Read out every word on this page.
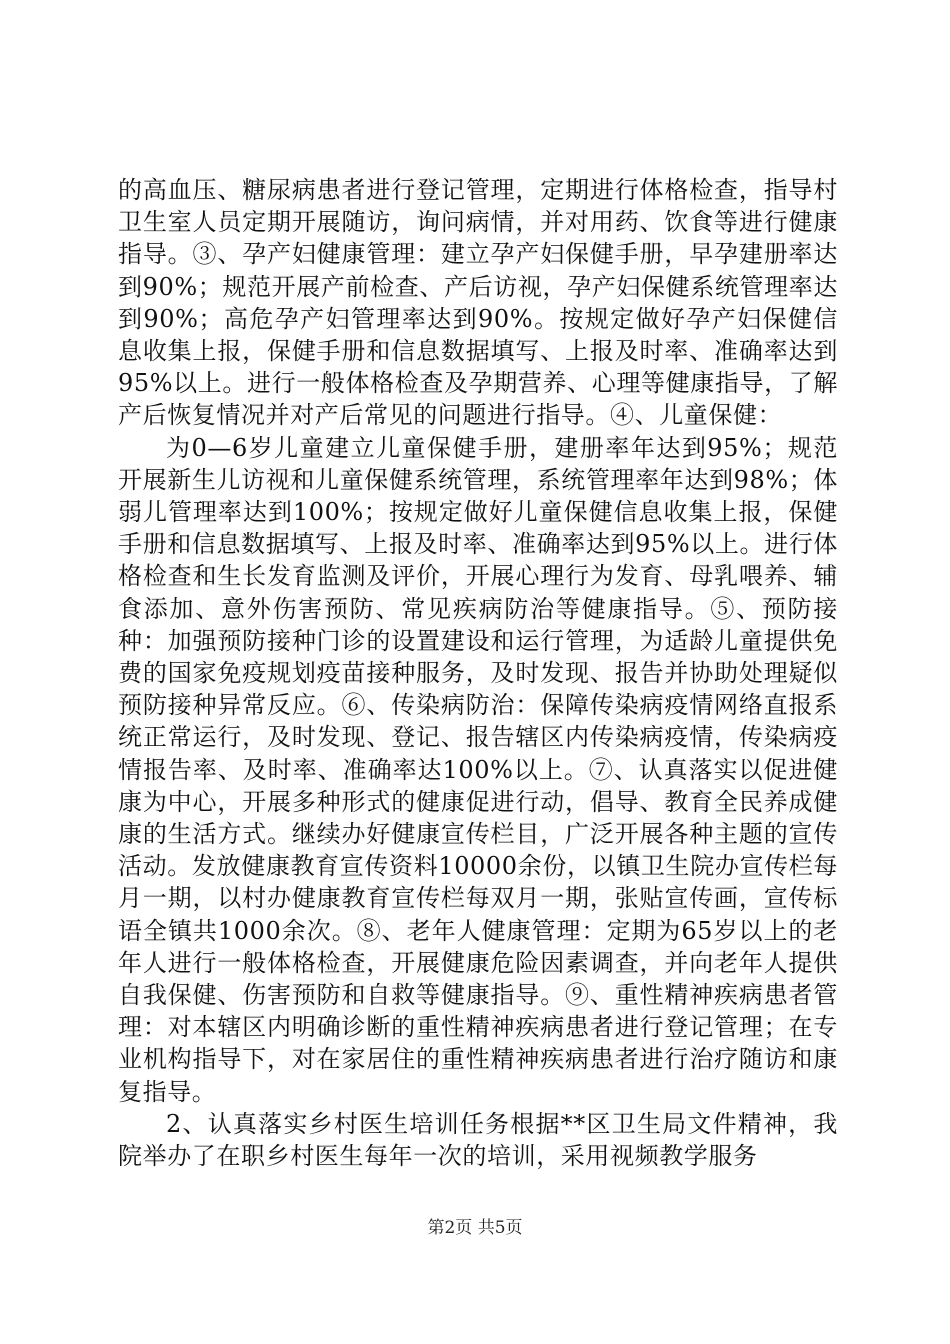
的高血压、糖尿病患者进行登记管理，定期进行体格检查，指导村卫生室人员定期开展随访，询问病情，并对用药、饮食等进行健康指导。③、孕产妇健康管理：建立孕产妇保健手册，早孕建册率达到90%；规范开展产前检查、产后访视，孕产妇保健系统管理率达到90%；高危孕产妇管理率达到90%。按规定做好孕产妇保健信息收集上报，保健手册和信息数据填写、上报及时率、准确率达到95%以上。进行一般体格检查及孕期营养、心理等健康指导，了解产后恢复情况并对产后常见的问题进行指导。④、儿童保健：

为0—6岁儿童建立儿童保健手册，建册率年达到95%；规范开展新生儿访视和儿童保健系统管理，系统管理率年达到98%；体弱儿管理率达到100%；按规定做好儿童保健信息收集上报，保健手册和信息数据填写、上报及时率、准确率达到95%以上。进行体格检查和生长发育监测及评价，开展心理行为发育、母乳喂养、辅食添加、意外伤害预防、常见疾病防治等健康指导。⑤、预防接种：加强预防接种门诊的设置建设和运行管理，为适龄儿童提供免费的国家免疫规划疫苗接种服务，及时发现、报告并协助处理疑似预防接种异常反应。⑥、传染病防治：保障传染病疫情网络直报系统正常运行，及时发现、登记、报告辖区内传染病疫情，传染病疫情报告率、及时率、准确率达100%以上。⑦、认真落实以促进健康为中心，开展多种形式的健康促进行动，倡导、教育全民养成健康的生活方式。继续办好健康宣传栏目，广泛开展各种主题的宣传活动。发放健康教育宣传资料10000余份，以镇卫生院办宣传栏每月一期，以村办健康教育宣传栏每双月一期，张贴宣传画，宣传标语全镇共1000余次。⑧、老年人健康管理：定期为65岁以上的老年人进行一般体格检查，开展健康危险因素调查，并向老年人提供自我保健、伤害预防和自救等健康指导。⑨、重性精神疾病患者管理：对本辖区内明确诊断的重性精神疾病患者进行登记管理；在专业机构指导下，对在家居住的重性精神疾病患者进行治疗随访和康复指导。

2、认真落实乡村医生培训任务根据**区卫生局文件精神，我院举办了在职乡村医生每年一次的培训，采用视频教学服务

第2页 共5页
